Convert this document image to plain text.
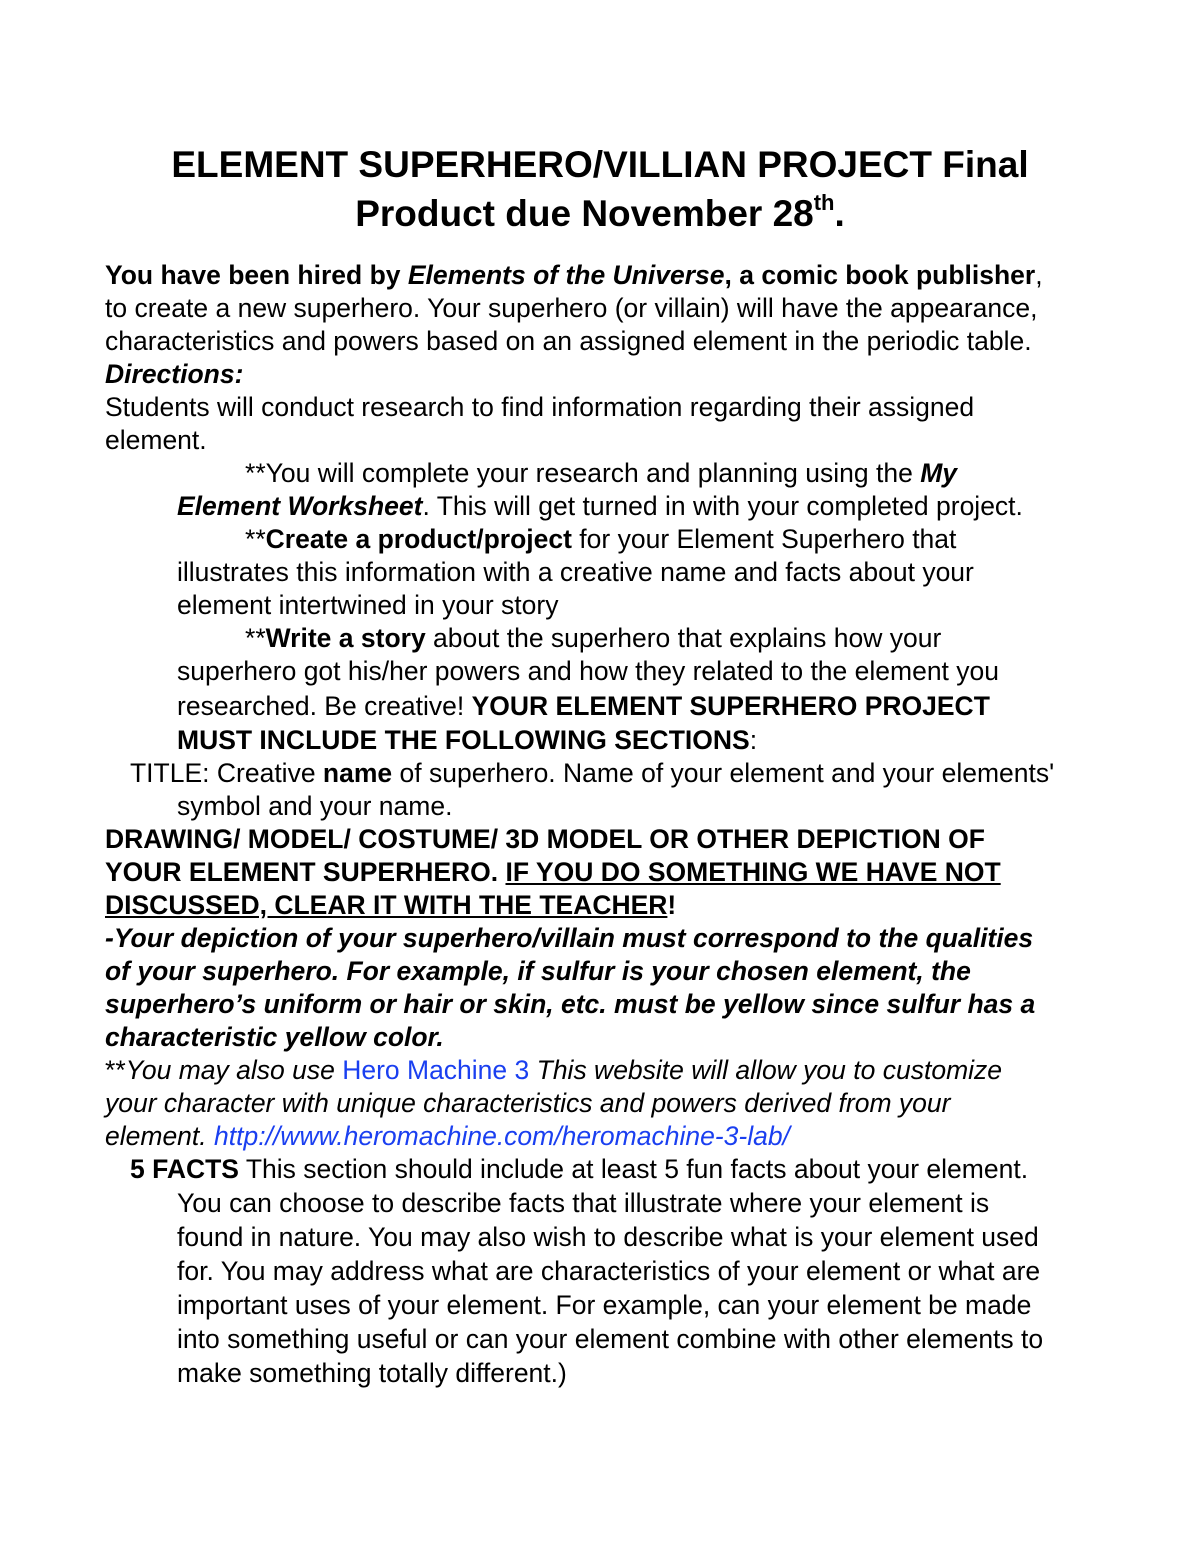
ELEMENT SUPERHERO/VILLIAN PROJECT Final
Product due November 28th.
You have been hired by Elements of the Universe, a comic book publisher,
to create a new superhero. Your superhero (or villain) will have the appearance,
characteristics and powers based on an assigned element in the periodic table.
Directions:
Students will conduct research to find information regarding their assigned
element.
**You will complete your research and planning using the My
Element Worksheet. This will get turned in with your completed project.
**Create a product/project for your Element Superhero that
illustrates this information with a creative name and facts about your
element intertwined in your story
**Write a story about the superhero that explains how your
superhero got his/her powers and how they related to the element you
researched. Be creative! YOUR ELEMENT SUPERHERO PROJECT
MUST INCLUDE THE FOLLOWING SECTIONS:
TITLE: Creative name of superhero. Name of your element and your elements'
symbol and your name.
DRAWING/ MODEL/ COSTUME/ 3D MODEL OR OTHER DEPICTION OF
YOUR ELEMENT SUPERHERO. IF YOU DO SOMETHING WE HAVE NOT
DISCUSSED, CLEAR IT WITH THE TEACHER!
-Your depiction of your superhero/villain must correspond to the qualities
of your superhero. For example, if sulfur is your chosen element, the
superhero’s uniform or hair or skin, etc. must be yellow since sulfur has a
characteristic yellow color.
**You may also use Hero Machine 3 This website will allow you to customize
your character with unique characteristics and powers derived from your
element. http://www.heromachine.com/heromachine-3-lab/
5 FACTS This section should include at least 5 fun facts about your element.
You can choose to describe facts that illustrate where your element is
found in nature. You may also wish to describe what is your element used
for. You may address what are characteristics of your element or what are
important uses of your element. For example, can your element be made
into something useful or can your element combine with other elements to
make something totally different.)
